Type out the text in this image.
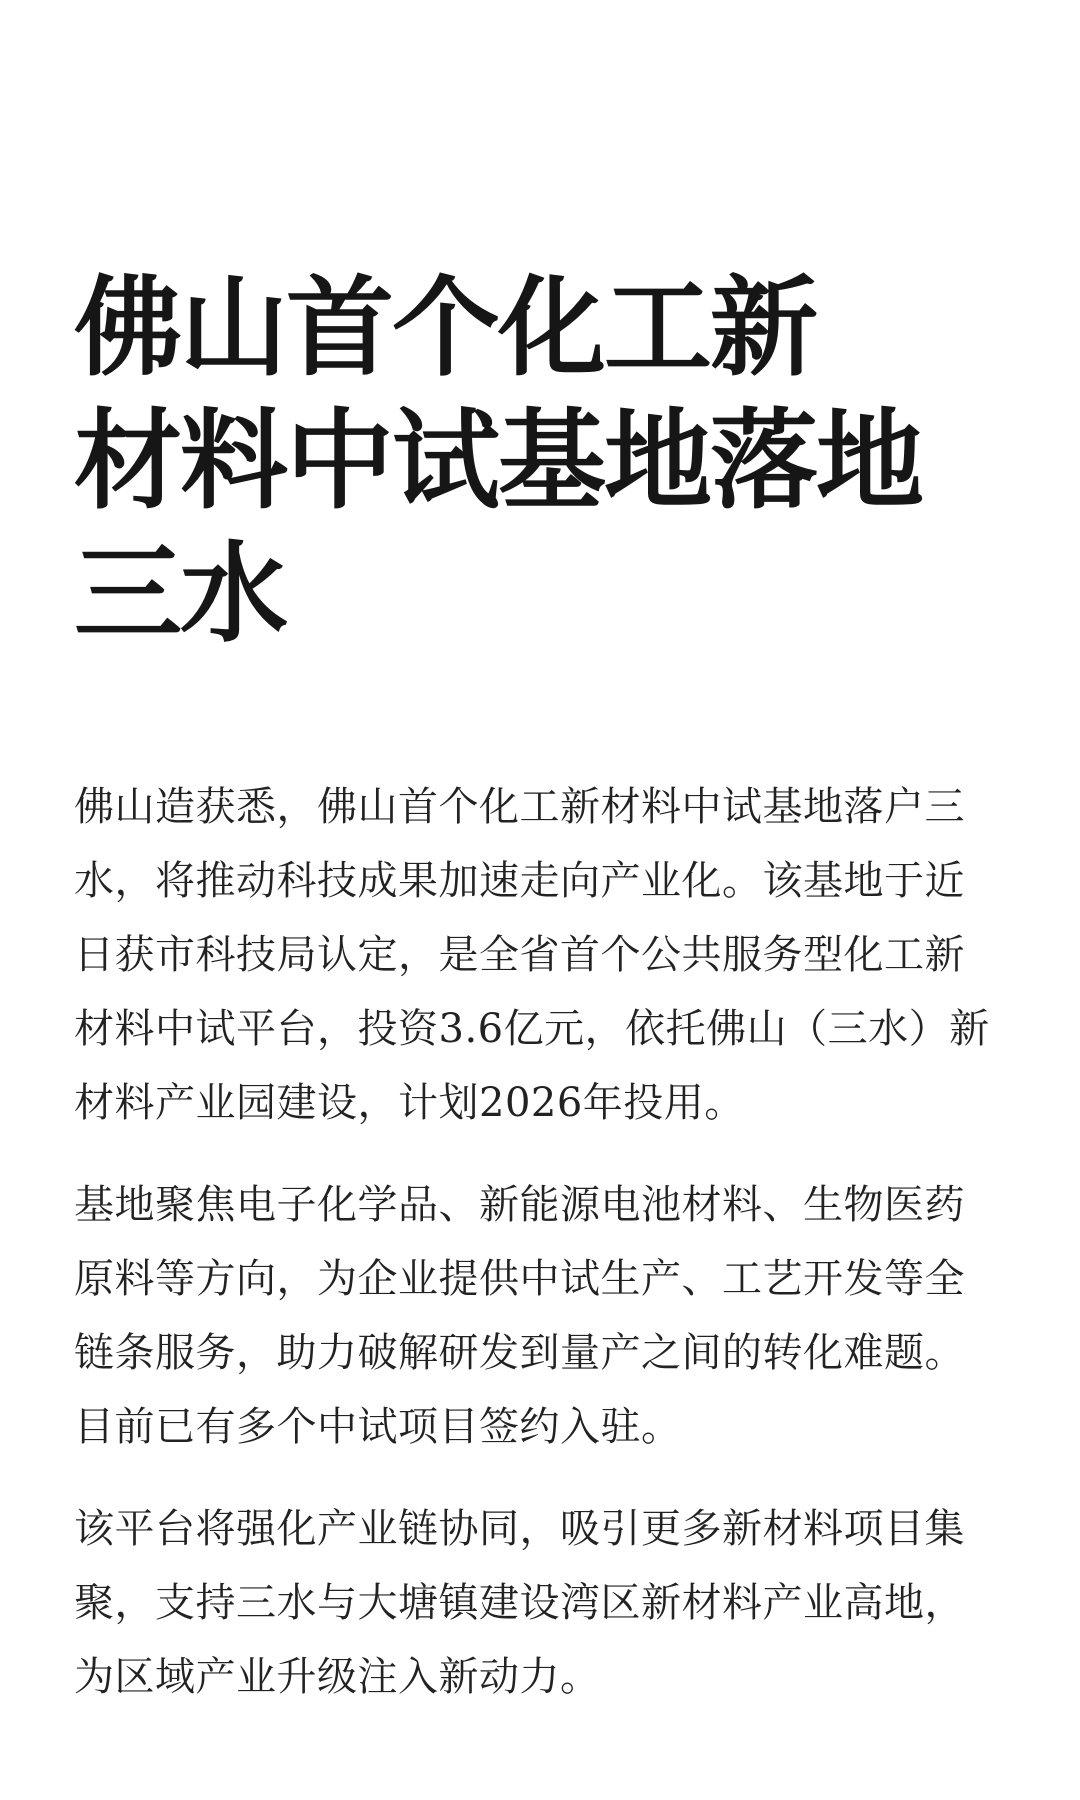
佛山首个化工新
材料中试基地落地
三水

佛山造获悉，佛山首个化工新材料中试基地落户三
水，将推动科技成果加速走向产业化。该基地于近
日获市科技局认定，是全省首个公共服务型化工新
材料中试平台，投资3.6亿元，依托佛山（三水）新
材料产业园建设，计划2026年投用。

基地聚焦电子化学品、新能源电池材料、生物医药
原料等方向，为企业提供中试生产、工艺开发等全
链条服务，助力破解研发到量产之间的转化难题。
目前已有多个中试项目签约入驻。

该平台将强化产业链协同，吸引更多新材料项目集
聚，支持三水与大塘镇建设湾区新材料产业高地，
为区域产业升级注入新动力。
